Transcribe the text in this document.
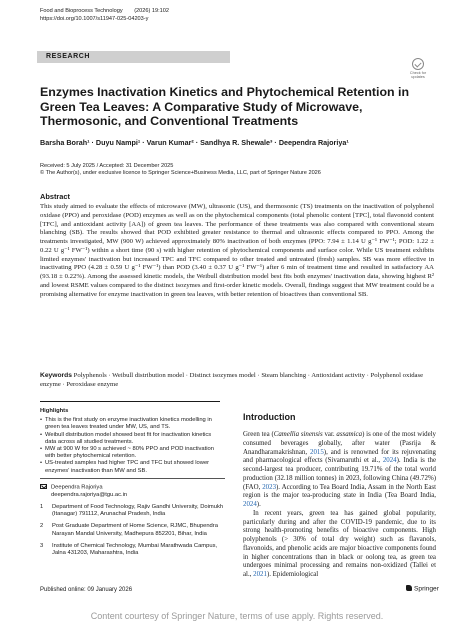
Food and Bioprocess Technology (2026) 19:102
https://doi.org/10.1007/s11947-025-04203-y
RESEARCH
Check for
updates
Enzymes Inactivation Kinetics and Phytochemical Retention in Green Tea Leaves: A Comparative Study of Microwave, Thermosonic, and Conventional Treatments
Barsha Borah¹ · Duyu Nampi¹ · Varun Kumar² · Sandhya R. Shewale³ · Deependra Rajoriya¹
Received: 5 July 2025 / Accepted: 31 December 2025
© The Author(s), under exclusive licence to Springer Science+Business Media, LLC, part of Springer Nature 2026
Abstract
This study aimed to evaluate the effects of microwave (MW), ultrasonic (US), and thermosonic (TS) treatments on the inactivation of polyphenol oxidase (PPO) and peroxidase (POD) enzymes as well as on the phytochemical components (total phenolic content [TPC], total flavonoid content [TFC], and antioxidant activity [AA]) of green tea leaves. The performance of these treatments was also compared with conventional steam blanching (SB). The results showed that POD exhibited greater resistance to thermal and ultrasonic effects compared to PPO. Among the treatments investigated, MW (900 W) achieved approximately 80% inactivation of both enzymes (PPO: 7.94 ± 1.14 U g⁻¹ FW⁻¹; POD: 1.22 ± 0.22 U g⁻¹ FW⁻¹) within a short time (90 s) with higher retention of phytochemical components and surface color. While US treatment exhibits limited enzymes' inactivation but increased TPC and TFC compared to other treated and untreated (fresh) samples. SB was more effective in inactivating PPO (4.28 ± 0.59 U g⁻¹ FW⁻¹) than POD (3.40 ± 0.37 U g⁻¹ FW⁻¹) after 6 min of treatment time and resulted in satisfactory AA (93.18 ± 0.22%). Among the assessed kinetic models, the Weibull distribution model best fits both enzymes' inactivation data, showing highest R² and lowest RSME values compared to the distinct isozymes and first-order kinetic models. Overall, findings suggest that MW treatment could be a promising alternative for enzyme inactivation in green tea leaves, with better retention of bioactives than conventional SB.
Keywords Polyphenols · Weibull distribution model · Distinct isozymes model · Steam blanching · Antioxidant activity · Polyphenol oxidase enzyme · Peroxidase enzyme
Highlights
• This is the first study on enzyme inactivation kinetics modelling in green tea leaves treated under MW, US, and TS.
• Weibull distribution model showed best fit for inactivation kinetics data across all studied treatments.
• MW at 900 W for 90 s achieved ~ 80% PPO and POD inactivation with better phytochemical retention.
• US-treated samples had higher TPC and TFC but showed lower enzymes' inactivation than MW and SB.
Deependra Rajoriya
deependra.rajoriya@tgu.ac.in
1	Department of Food Technology, Rajiv Gandhi University, Doimukh (Itanagar) 791112, Arunachal Pradesh, India
2	Post Graduate Department of Home Science, RJMC, Bhupendra Narayan Mandal University, Madhepura 852201, Bihar, India
3	Institute of Chemical Technology, Mumbai Marathwada Campus, Jalna 431203, Maharashtra, India
Introduction

Green tea (Camellia sinensis var. assamica) is one of the most widely consumed beverages globally, after water (Pasrija & Anandharamakrishnan, 2015), and is renowned for its rejuvenating and pharmacological effects (Sivamaruthi et al., 2024). India is the second-largest tea producer, contributing 19.71% of the total world production (32.18 million tonnes) in 2023, following China (49.72%) (FAO, 2023). According to Tea Board India, Assam in the North East region is the major tea-producing state in India (Tea Board India, 2024).

In recent years, green tea has gained global popularity, particularly during and after the COVID-19 pandemic, due to its strong health-promoting benefits of bioactive components. High polyphenols (> 30% of total dry weight) such as flavanols, flavonoids, and phenolic acids are major bioactive components found in higher concentrations than in black or oolong tea, as green tea undergoes minimal processing and remains non-oxidized (Tallei et al., 2021). Epidemiological

Published online: 09 January 2026	Springer
Content courtesy of Springer Nature, terms of use apply. Rights reserved.
